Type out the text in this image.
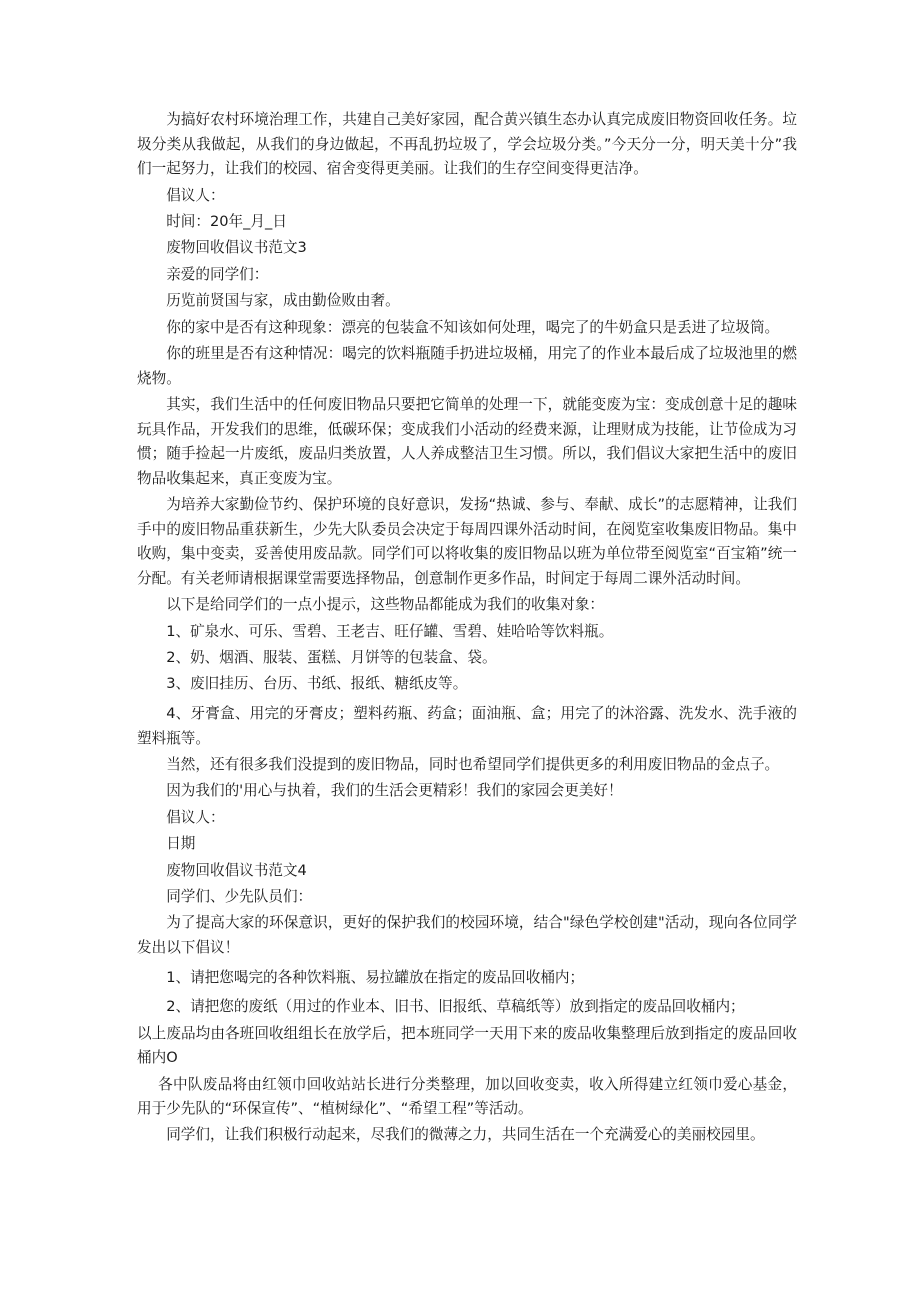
为搞好农村环境治理工作，共建自己美好家园，配合黄兴镇生态办认真完成废旧物资回收任务。垃圾分类从我做起，从我们的身边做起，不再乱扔垃圾了，学会垃圾分类。”今天分一分，明天美十分”我们一起努力，让我们的校园、宿舍变得更美丽。让我们的生存空间变得更洁净。

倡议人：

时间：20年_月_日

废物回收倡议书范文3

亲爱的同学们：

历览前贤国与家，成由勤俭败由奢。

你的家中是否有这种现象：漂亮的包装盒不知该如何处理，喝完了的牛奶盒只是丢进了垃圾筒。

你的班里是否有这种情况：喝完的饮料瓶随手扔进垃圾桶，用完了的作业本最后成了垃圾池里的燃烧物。

其实，我们生活中的任何废旧物品只要把它简单的处理一下，就能变废为宝：变成创意十足的趣味玩具作品，开发我们的思维，低碳环保；变成我们小活动的经费来源，让理财成为技能，让节俭成为习惯；随手捡起一片废纸，废品归类放置，人人养成整洁卫生习惯。所以，我们倡议大家把生活中的废旧物品收集起来，真正变废为宝。

为培养大家勤俭节约、保护环境的良好意识，发扬“热诚、参与、奉献、成长”的志愿精神，让我们手中的废旧物品重获新生，少先大队委员会决定于每周四课外活动时间，在阅览室收集废旧物品。集中收购，集中变卖，妥善使用废品款。同学们可以将收集的废旧物品以班为单位带至阅览室“百宝箱”统一分配。有关老师请根据课堂需要选择物品，创意制作更多作品，时间定于每周二课外活动时间。

以下是给同学们的一点小提示，这些物品都能成为我们的收集对象：

1、矿泉水、可乐、雪碧、王老吉、旺仔罐、雪碧、娃哈哈等饮料瓶。

2、奶、烟酒、服装、蛋糕、月饼等的包装盒、袋。

3、废旧挂历、台历、书纸、报纸、糖纸皮等。

4、牙膏盒、用完的牙膏皮；塑料药瓶、药盒；面油瓶、盒；用完了的沐浴露、洗发水、洗手液的塑料瓶等。

当然，还有很多我们没提到的废旧物品，同时也希望同学们提供更多的利用废旧物品的金点子。

因为我们的'用心与执着，我们的生活会更精彩！我们的家园会更美好！

倡议人：

日期

废物回收倡议书范文4

同学们、少先队员们：

为了提高大家的环保意识，更好的保护我们的校园环境，结合"绿色学校创建"活动，现向各位同学发出以下倡议！

1、请把您喝完的各种饮料瓶、易拉罐放在指定的废品回收桶内；

2、请把您的废纸（用过的作业本、旧书、旧报纸、草稿纸等）放到指定的废品回收桶内；

以上废品均由各班回收组组长在放学后，把本班同学一天用下来的废品收集整理后放到指定的废品回收桶内O

各中队废品将由红领巾回收站站长进行分类整理，加以回收变卖，收入所得建立红领巾爱心基金，用于少先队的“环保宣传”、“植树绿化”、“希望工程”等活动。

同学们，让我们积极行动起来，尽我们的微薄之力，共同生活在一个充满爱心的美丽校园里。
